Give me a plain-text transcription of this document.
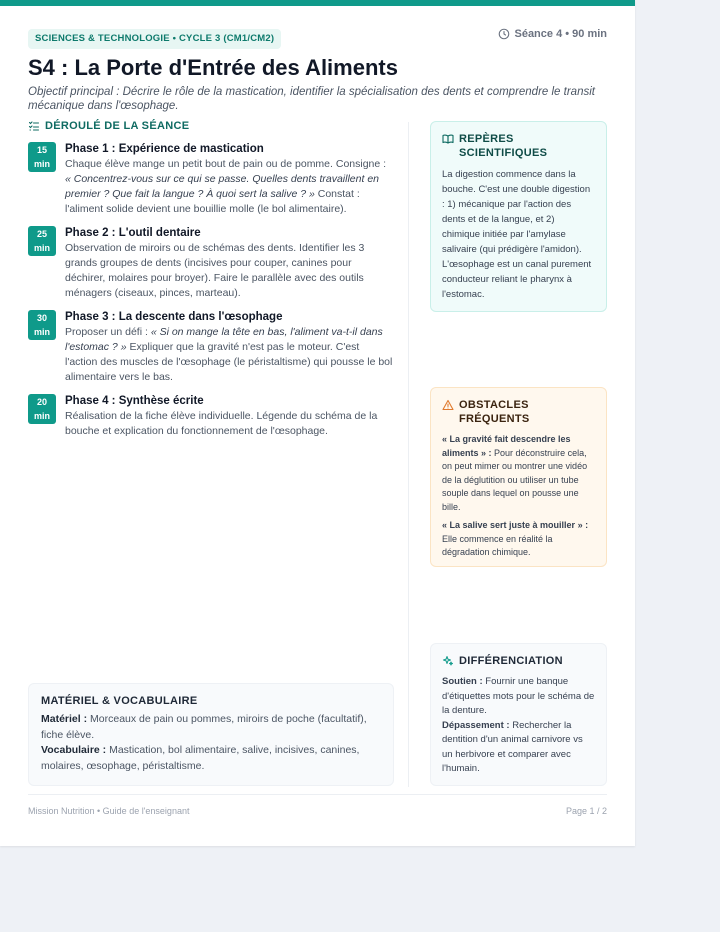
SCIENCES & TECHNOLOGIE • CYCLE 3 (CM1/CM2)	Séance 4 • 90 min
S4 : La Porte d'Entrée des Aliments

Objectif principal : Décrire le rôle de la mastication, identifier la spécialisation des dents et comprendre le transit mécanique dans l'œsophage.

DÉROULÉ DE LA SÉANCE
15
min

Phase 1 : Expérience de mastication

Chaque élève mange un petit bout de pain ou de pomme. Consigne : « Concentrez-vous sur ce qui se passe. Quelles dents travaillent en premier ? Que fait la langue ? À quoi sert la salive ? » Constat : l'aliment solide devient une bouillie molle (le bol alimentaire).

25
min

Phase 2 : L'outil dentaire

Observation de miroirs ou de schémas des dents. Identifier les 3 grands groupes de dents (incisives pour couper, canines pour déchirer, molaires pour broyer). Faire le parallèle avec des outils ménagers (ciseaux, pinces, marteau).

30
min

Phase 3 : La descente dans l'œsophage

Proposer un défi : « Si on mange la tête en bas, l'aliment va-t-il dans l'estomac ? » Expliquer que la gravité n'est pas le moteur. C'est l'action des muscles de l'œsophage (le péristaltisme) qui pousse le bol alimentaire vers le bas.

20
min

Phase 4 : Synthèse écrite

Réalisation de la fiche élève individuelle. Légende du schéma de la bouche et explication du fonctionnement de l'œsophage.

MATÉRIEL & VOCABULAIRE

Matériel : Morceaux de pain ou pommes, miroirs de poche (facultatif), fiche élève.

Vocabulaire : Mastication, bol alimentaire, salive, incisives, canines, molaires, œsophage, péristaltisme.

REPÈRES SCIENTIFIQUES

La digestion commence dans la bouche. C'est une double digestion : 1) mécanique par l'action des dents et de la langue, et 2) chimique initiée par l'amylase salivaire (qui prédigère l'amidon). L'œsophage est un canal purement conducteur reliant le pharynx à l'estomac.

OBSTACLES FRÉQUENTS

« La gravité fait descendre les aliments » : Pour déconstruire cela, on peut mimer ou montrer une vidéo de la déglutition ou utiliser un tube souple dans lequel on pousse une bille.

« La salive sert juste à mouiller » : Elle commence en réalité la dégradation chimique.

DIFFÉRENCIATION

Soutien : Fournir une banque d'étiquettes mots pour le schéma de la denture.

Dépassement : Rechercher la dentition d'un animal carnivore vs un herbivore et comparer avec l'humain.

Mission Nutrition • Guide de l'enseignant	Page 1 / 2
